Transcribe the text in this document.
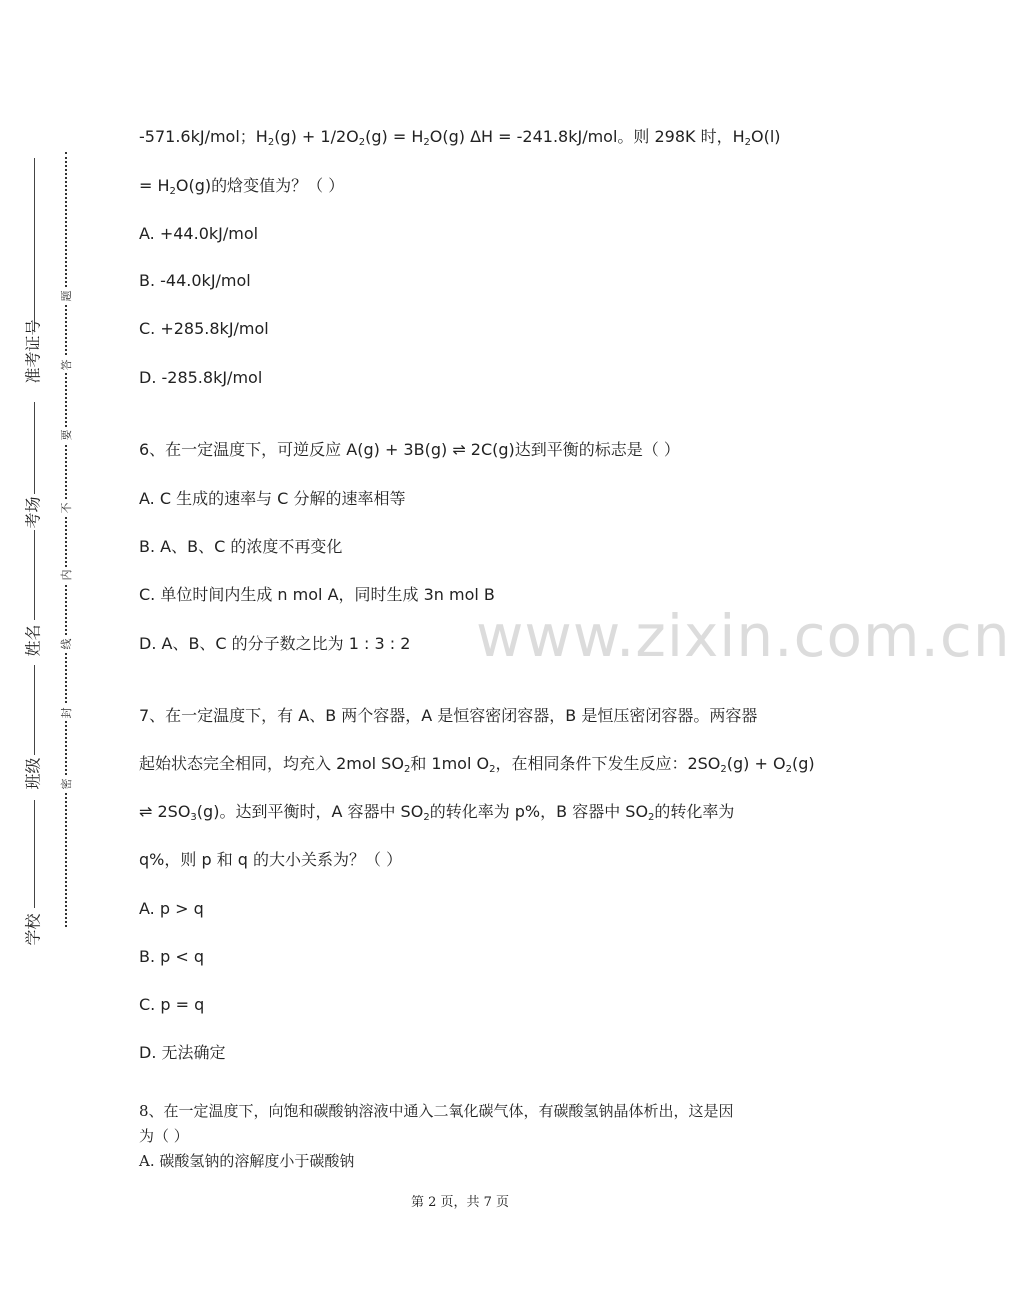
准考证号
考场
姓名
班级
学校
题
答
要
不
内
线
封
密
www.zixin.com.cn
-571.6kJ/mol；$H_2(g) + 1/2O_2(g) = H_2O(g) \Delta H = -241.8kJ/mol$。则 298K 时，$H_2O(l)$
= $H_2O(g)$的焓变值为？（ ）
A. +44.0kJ/mol
B. -44.0kJ/mol
C. +285.8kJ/mol
D. -285.8kJ/mol
6、在一定温度下，可逆反应 A(g) + 3B(g) ⇌ 2C(g)达到平衡的标志是（ ）
A. C 生成的速率与 C 分解的速率相等
B. A、B、C 的浓度不再变化
C. 单位时间内生成 n mol A，同时生成 3n mol B
D. A、B、C 的分子数之比为 1 : 3 : 2
7、在一定温度下，有 A、B 两个容器，A 是恒容密闭容器，B 是恒压密闭容器。两容器
起始状态完全相同，均充入 2mol $SO_2$和 1mol $O_2$，在相同条件下发生反应：$2SO_2(g) + O_2(g)$
⇌ $2SO_3(g)$。达到平衡时，A 容器中 $SO_2$的转化率为 p%，B 容器中 $SO_2$的转化率为
q%，则 p 和 q 的大小关系为？（ ）
A. p > q
B. p < q
C. p = q
D. 无法确定
8、在一定温度下，向饱和碳酸钠溶液中通入二氧化碳气体，有碳酸氢钠晶体析出，这是因
为（ ）
A. 碳酸氢钠的溶解度小于碳酸钠
第 2 页，共 7 页
